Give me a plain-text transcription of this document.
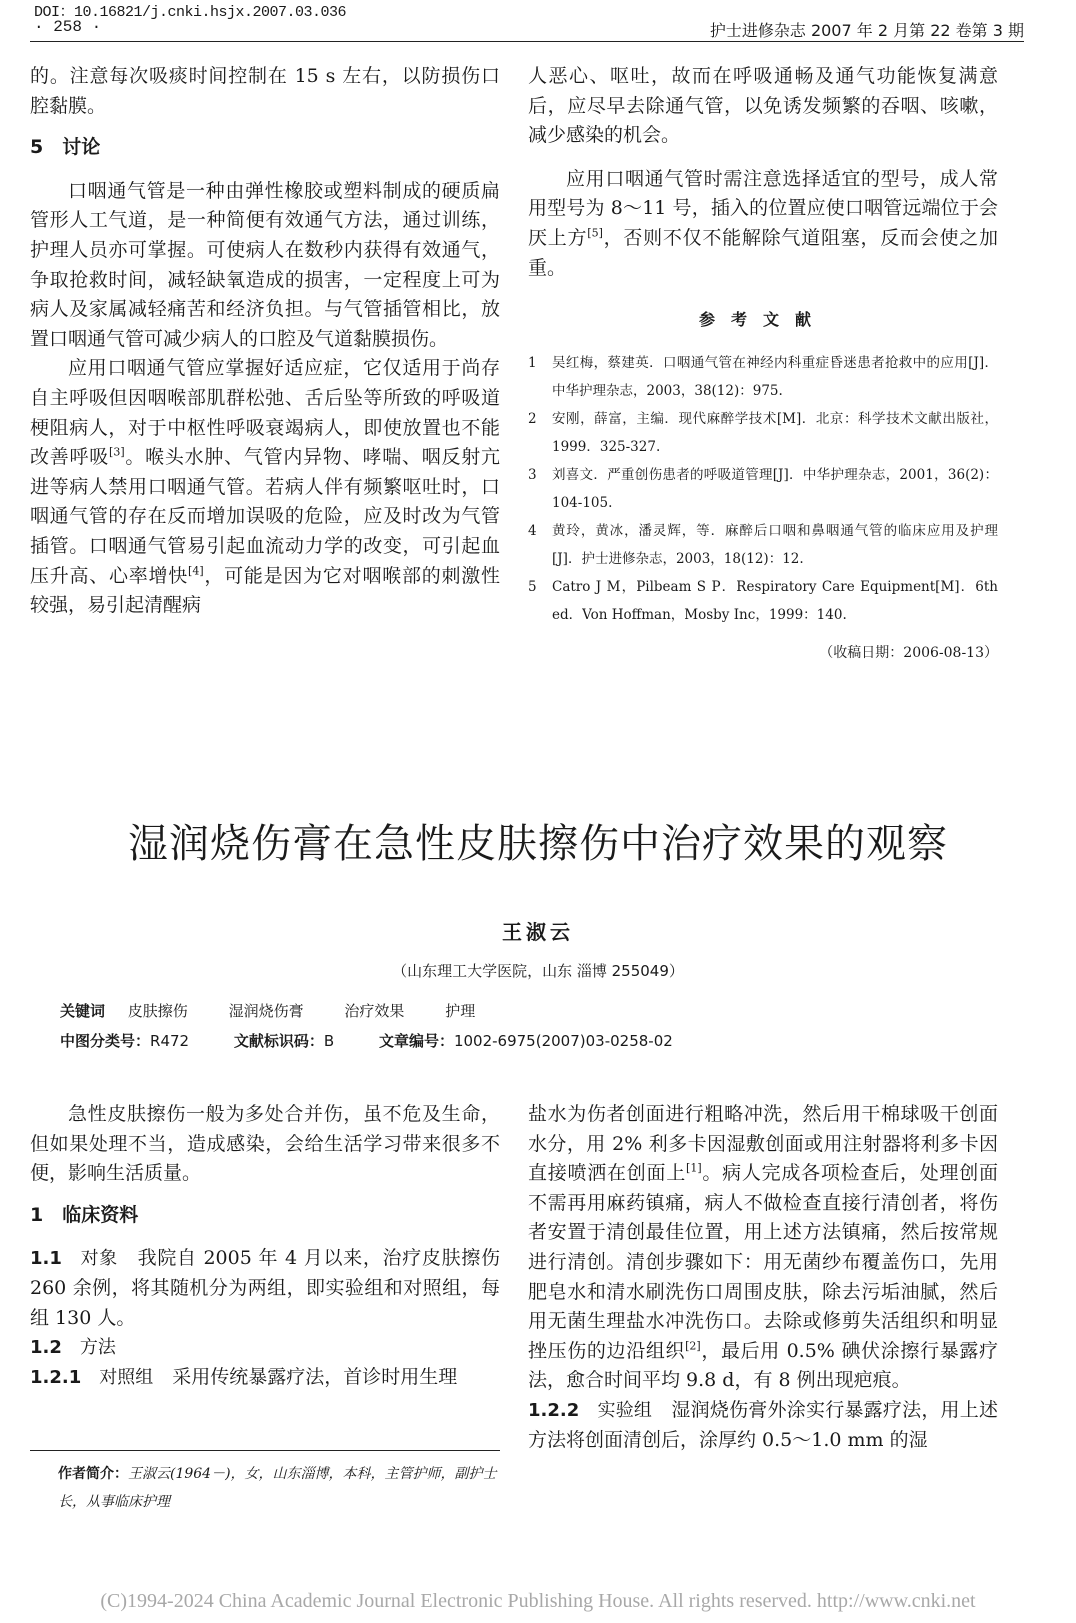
DOI：10.16821/j.cnki.hsjx.2007.03.036
· 258 ·	护士进修杂志 2007 年 2 月第 22 卷第 3 期

的。注意每次吸痰时间控制在 15 s 左右，以防损伤口腔黏膜。

5　 讨论

口咽通气管是一种由弹性橡胶或塑料制成的硬质扁管形人工气道，是一种简便有效通气方法，通过训练，护理人员亦可掌握。可使病人在数秒内获得有效通气，争取抢救时间，减轻缺氧造成的损害，一定程度上可为病人及家属减轻痛苦和经济负担。与气管插管相比，放置口咽通气管可减少病人的口腔及气道黏膜损伤。

应用口咽通气管应掌握好适应症，它仅适用于尚存自主呼吸但因咽喉部肌群松弛、舌后坠等所致的呼吸道梗阻病人，对于中枢性呼吸衰竭病人，即使放置也不能改善呼吸[3]。喉头水肿、气管内异物、哮喘、咽反射亢进等病人禁用口咽通气管。若病人伴有频繁呕吐时，口咽通气管的存在反而增加误吸的危险，应及时改为气管插管。口咽通气管易引起血流动力学的改变，可引起血压升高、心率增快[4]，可能是因为它对咽喉部的刺激性较强，易引起清醒病

人恶心、呕吐，故而在呼吸通畅及通气功能恢复满意后，应尽早去除通气管，以免诱发频繁的吞咽、咳嗽，减少感染的机会。

应用口咽通气管时需注意选择适宜的型号，成人常用型号为 8～11 号，插入的位置应使口咽管远端位于会厌上方[5]，否则不仅不能解除气道阻塞，反而会使之加重。

参考文献

1	吴红梅，蔡建英．口咽通气管在神经内科重症昏迷患者抢救中的应用[J]．中华护理杂志，2003，38(12)：975.
2	安刚，薛富，主编．现代麻醉学技术[M]．北京：科学技术文献出版社，1999．325-327.
3	刘喜文．严重创伤患者的呼吸道管理[J]．中华护理杂志，2001，36(2)：104-105.
4	黄玲，黄冰，潘灵辉，等．麻醉后口咽和鼻咽通气管的临床应用及护理[J]．护士进修杂志，2003，18(12)：12.
5	Catro J M，Pilbeam S P．Respiratory Care Equipment[M]．6th ed．Von Hoffman，Mosby Inc，1999：140.

（收稿日期：2006-08-13）

湿润烧伤膏在急性皮肤擦伤中治疗效果的观察
王淑云
（山东理工大学医院，山东 淄博 255049）
关键词 皮肤擦伤	湿润烧伤膏	治疗效果	护理
中图分类号：R472	文献标识码：B	文章编号：1002-6975(2007)03-0258-02

急性皮肤擦伤一般为多处合并伤，虽不危及生命，但如果处理不当，造成感染，会给生活学习带来很多不便，影响生活质量。

1　 临床资料

1.1 对象　 我院自 2005 年 4 月以来，治疗皮肤擦伤 260 余例，将其随机分为两组，即实验组和对照组，每组 130 人。

1.2 方法

1.2.1 对照组　 采用传统暴露疗法，首诊时用生理

盐水为伤者创面进行粗略冲洗，然后用干棉球吸干创面水分，用 2% 利多卡因湿敷创面或用注射器将利多卡因直接喷洒在创面上[1]。病人完成各项检查后，处理创面不需再用麻药镇痛，病人不做检查直接行清创者，将伤者安置于清创最佳位置，用上述方法镇痛，然后按常规进行清创。清创步骤如下：用无菌纱布覆盖伤口，先用肥皂水和清水刷洗伤口周围皮肤，除去污垢油腻，然后用无菌生理盐水冲洗伤口。去除或修剪失活组织和明显挫压伤的边沿组织[2]，最后用 0.5% 碘伏涂擦行暴露疗法，愈合时间平均 9.8 d，有 8 例出现疤痕。

1.2.2 实验组　 湿润烧伤膏外涂实行暴露疗法，用上述方法将创面清创后，涂厚约 0.5～1.0 mm 的湿

作者简介：王淑云(1964－)，女，山东淄博，本科，主管护师，副护士长，从事临床护理
(C)1994-2024 China Academic Journal Electronic Publishing House. All rights reserved. http://www.cnki.net
